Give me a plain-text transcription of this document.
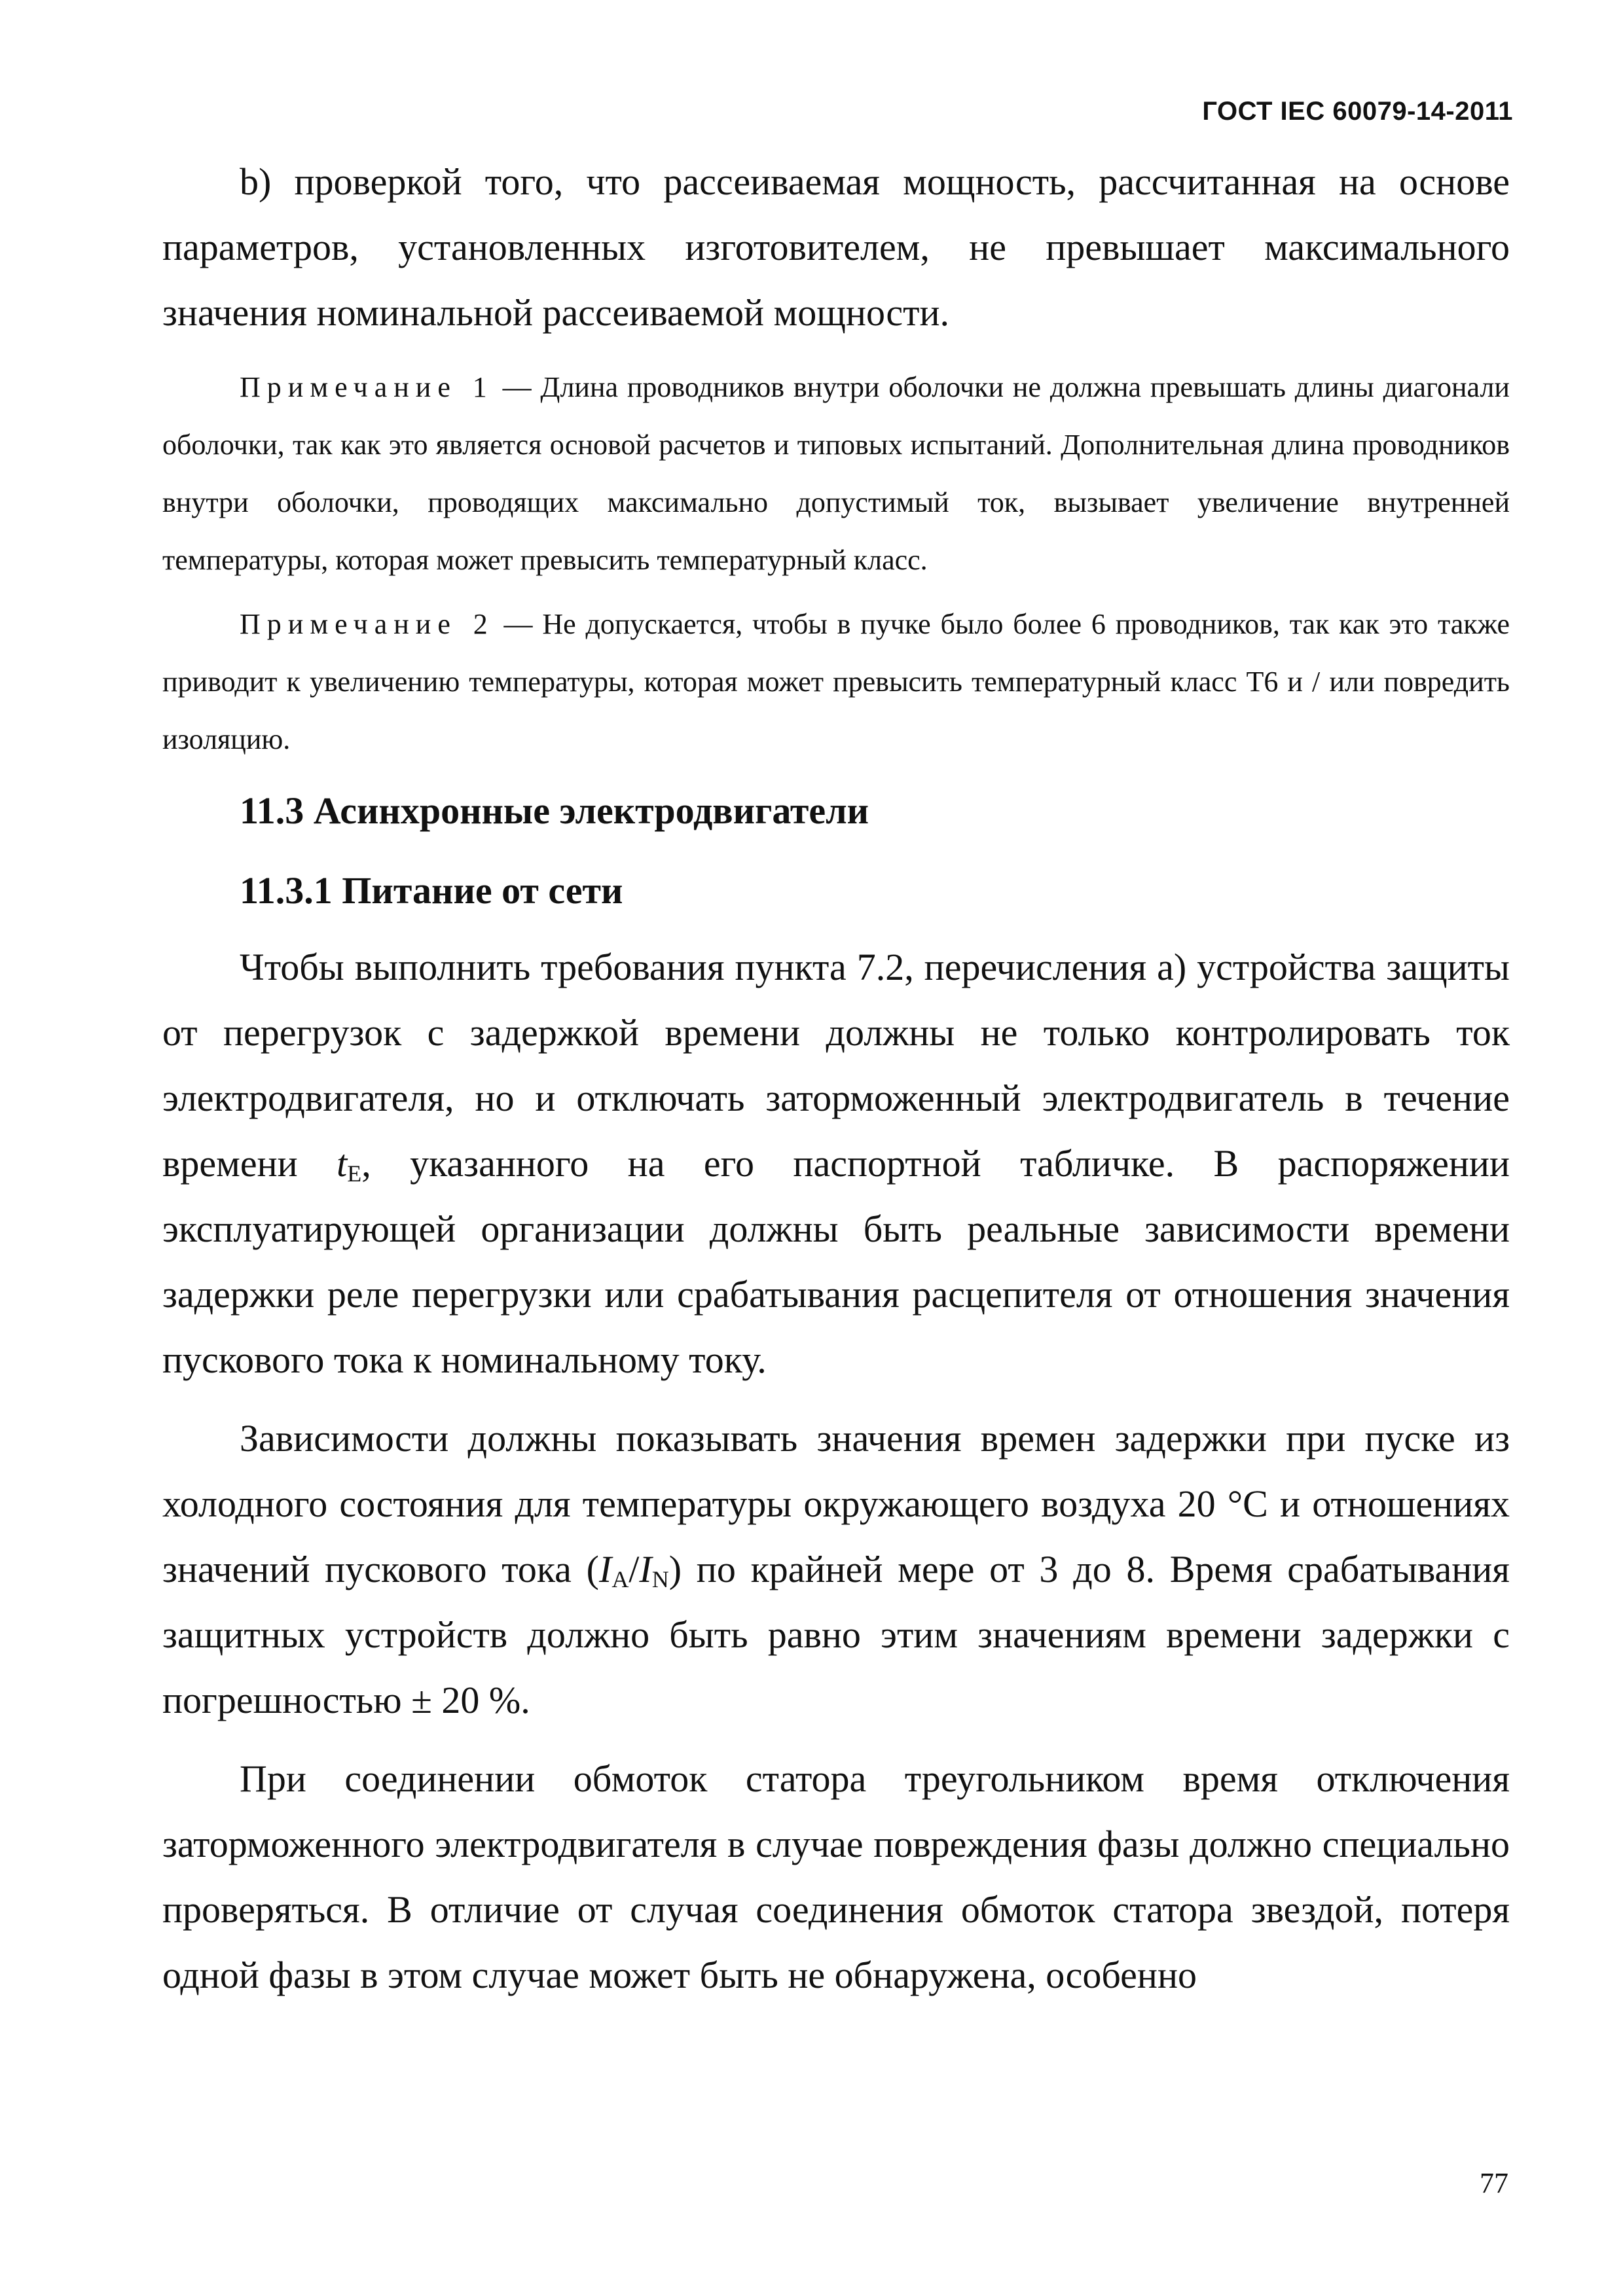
ГОСТ IEC 60079-14-2011

b) проверкой того, что рассеиваемая мощность, рассчитанная на основе параметров, установленных изготовителем, не превышает максимального значения номинальной рассеиваемой мощности.

Примечание 1 — Длина проводников внутри оболочки не должна превышать длины диагонали оболочки, так как это является основой расчетов и типовых испытаний. Дополнительная длина проводников внутри оболочки, проводящих максимально допустимый ток, вызывает увеличение внутренней температуры, которая может превысить температурный класс.

Примечание 2 — Не допускается, чтобы в пучке было более 6 проводников, так как это также приводит к увеличению температуры, которая может превысить температурный класс Т6 и / или повредить изоляцию.

11.3 Асинхронные электродвигатели
11.3.1 Питание от сети

Чтобы выполнить требования пункта 7.2, перечисления а) устройства защиты от перегрузок с задержкой времени должны не только контролировать ток электродвигателя, но и отключать заторможенный электродвигатель в течение времени $t_E$, указанного на его паспортной табличке. В распоряжении эксплуатирующей организации должны быть реальные зависимости времени задержки реле перегрузки или срабатывания расцепителя от отношения значения пускового тока к номинальному току.

Зависимости должны показывать значения времен задержки при пуске из холодного состояния для температуры окружающего воздуха 20 °С и отношениях значений пускового тока $(I_A/I_N)$ по крайней мере от 3 до 8. Время срабатывания защитных устройств должно быть равно этим значениям времени задержки с погрешностью ± 20 %.

При соединении обмоток статора треугольником время отключения заторможенного электродвигателя в случае повреждения фазы должно специально проверяться. В отличие от случая соединения обмоток статора звездой, потеря одной фазы в этом случае может быть не обнаружена, особенно

77
